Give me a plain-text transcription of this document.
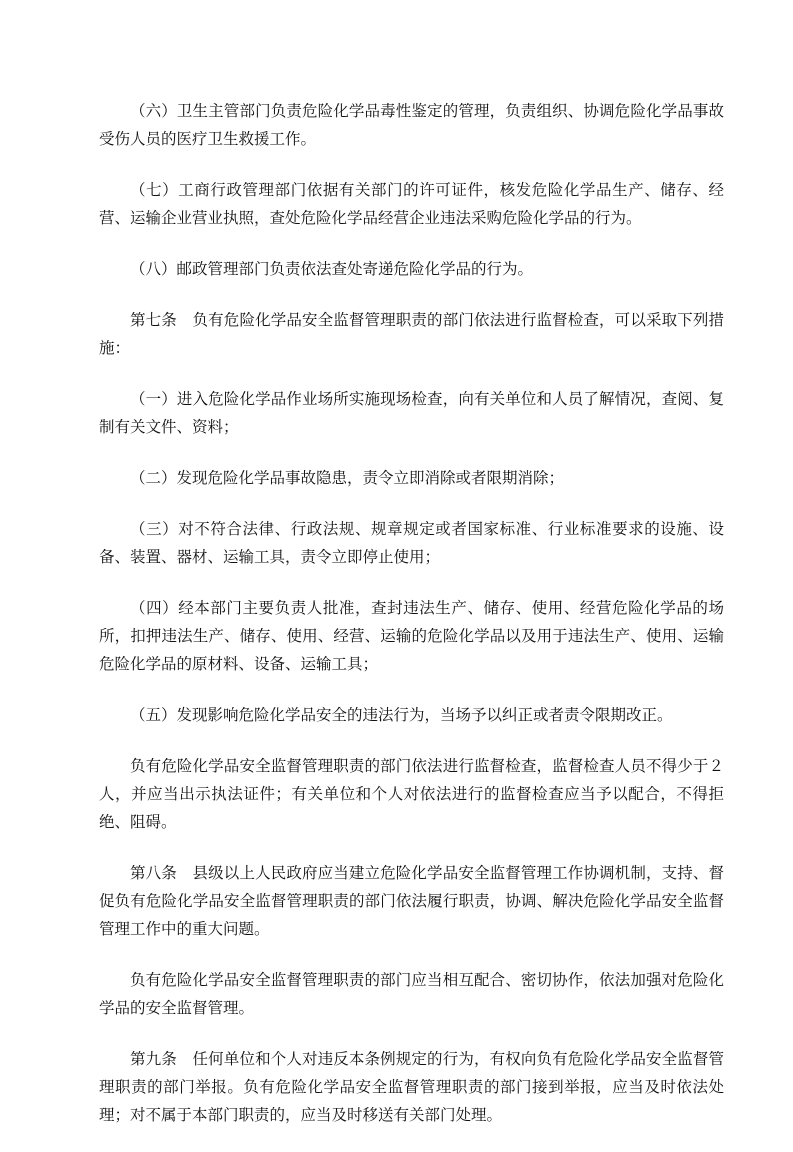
（六）卫生主管部门负责危险化学品毒性鉴定的管理，负责组织、协调危险化学品事故受伤人员的医疗卫生救援工作。

（七）工商行政管理部门依据有关部门的许可证件，核发危险化学品生产、储存、经营、运输企业营业执照，查处危险化学品经营企业违法采购危险化学品的行为。

（八）邮政管理部门负责依法查处寄递危险化学品的行为。

第七条　负有危险化学品安全监督管理职责的部门依法进行监督检查，可以采取下列措施：

（一）进入危险化学品作业场所实施现场检查，向有关单位和人员了解情况，查阅、复制有关文件、资料；

（二）发现危险化学品事故隐患，责令立即消除或者限期消除；

（三）对不符合法律、行政法规、规章规定或者国家标准、行业标准要求的设施、设备、装置、器材、运输工具，责令立即停止使用；

（四）经本部门主要负责人批准，查封违法生产、储存、使用、经营危险化学品的场所，扣押违法生产、储存、使用、经营、运输的危险化学品以及用于违法生产、使用、运输危险化学品的原材料、设备、运输工具；

（五）发现影响危险化学品安全的违法行为，当场予以纠正或者责令限期改正。

负有危险化学品安全监督管理职责的部门依法进行监督检查，监督检查人员不得少于２人，并应当出示执法证件；有关单位和个人对依法进行的监督检查应当予以配合，不得拒绝、阻碍。

第八条　县级以上人民政府应当建立危险化学品安全监督管理工作协调机制，支持、督促负有危险化学品安全监督管理职责的部门依法履行职责，协调、解决危险化学品安全监督管理工作中的重大问题。

负有危险化学品安全监督管理职责的部门应当相互配合、密切协作，依法加强对危险化学品的安全监督管理。

第九条　任何单位和个人对违反本条例规定的行为，有权向负有危险化学品安全监督管理职责的部门举报。负有危险化学品安全监督管理职责的部门接到举报，应当及时依法处理；对不属于本部门职责的，应当及时移送有关部门处理。
